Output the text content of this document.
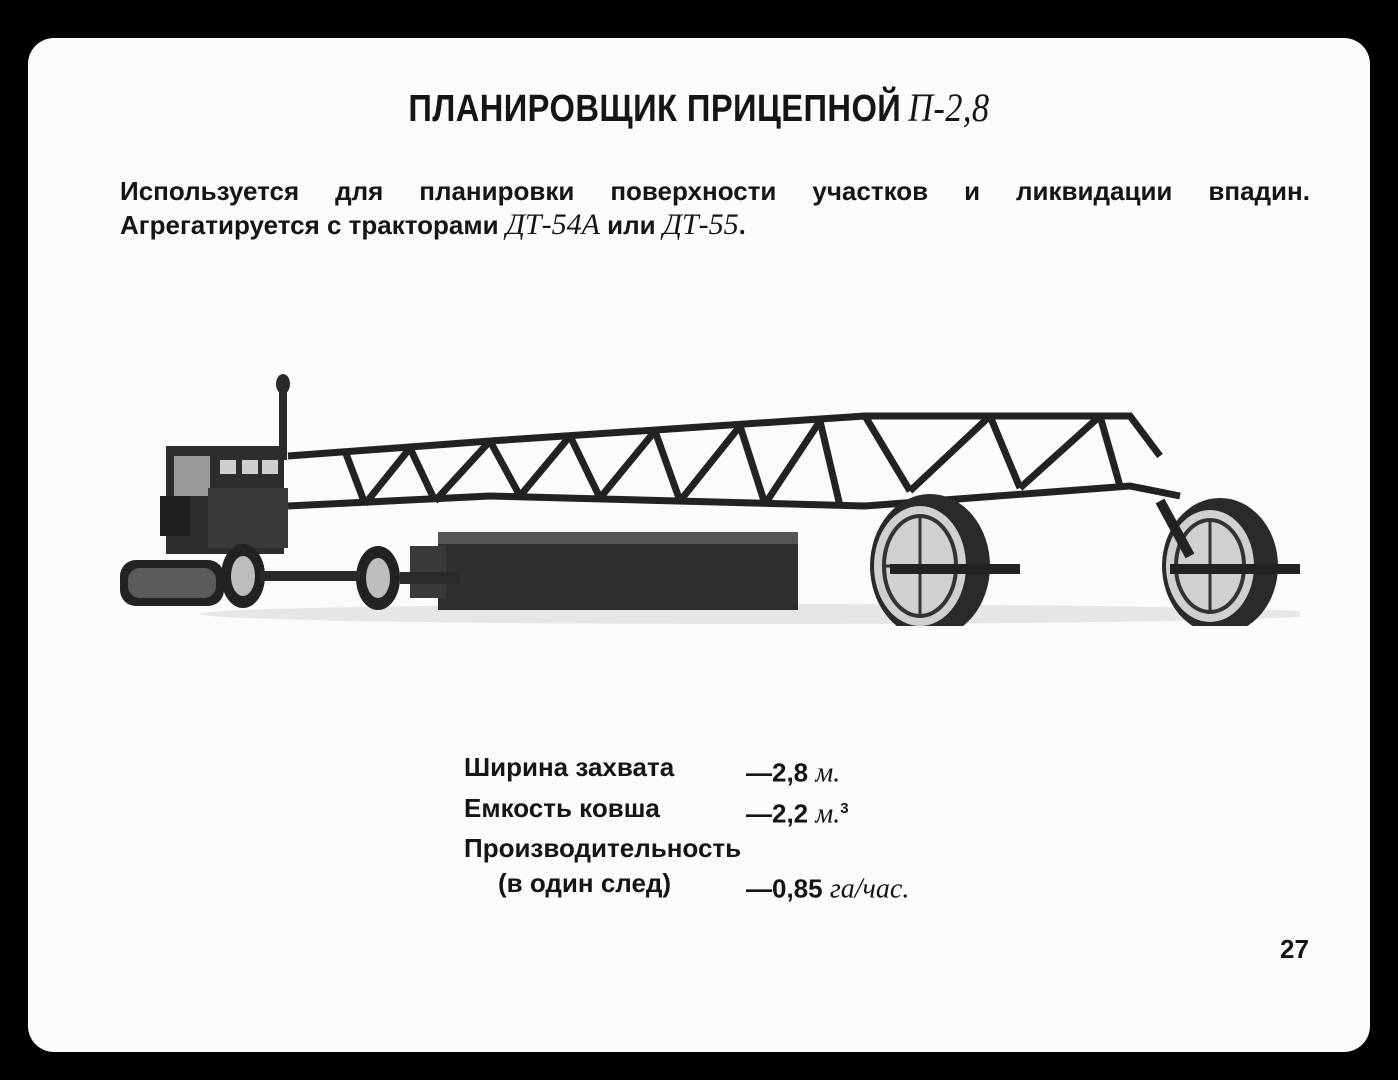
ПЛАНИРОВЩИК ПРИЦЕПНОЙ П-2,8
Используется для планировки поверхности участков и ликвидации впадин.
Агрегатируется с тракторами ДТ-54А или ДТ-55.
Ширина захвата	—2,8 м.
Емкость ковша	—2,2 м.$^3$
Производительность
(в один след)	—0,85 га/час.
27
